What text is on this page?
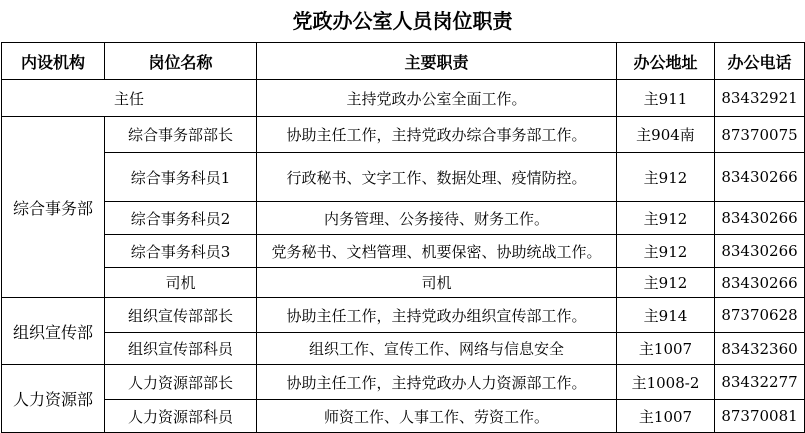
党政办公室人员岗位职责
内设机构	岗位名称	主要职责	办公地址	办公电话
主任		主持党政办公室全面工作。	主911	83432921
综合事务部	综合事务部部长	协助主任工作，主持党政办综合事务部工作。	主904南	87370075
	综合事务科员1	行政秘书、文字工作、数据处理、疫情防控。	主912	83430266
	综合事务科员2	内务管理、公务接待、财务工作。	主912	83430266
	综合事务科员3	党务秘书、文档管理、机要保密、协助统战工作。	主912	83430266
	司机	司机	主912	83430266
组织宣传部	组织宣传部部长	协助主任工作，主持党政办组织宣传部工作。	主914	87370628
	组织宣传部科员	组织工作、宣传工作、网络与信息安全	主1007	83432360
人力资源部	人力资源部部长	协助主任工作，主持党政办人力资源部工作。	主1008-2	83432277
	人力资源部科员	师资工作、人事工作、劳资工作。	主1007	87370081
